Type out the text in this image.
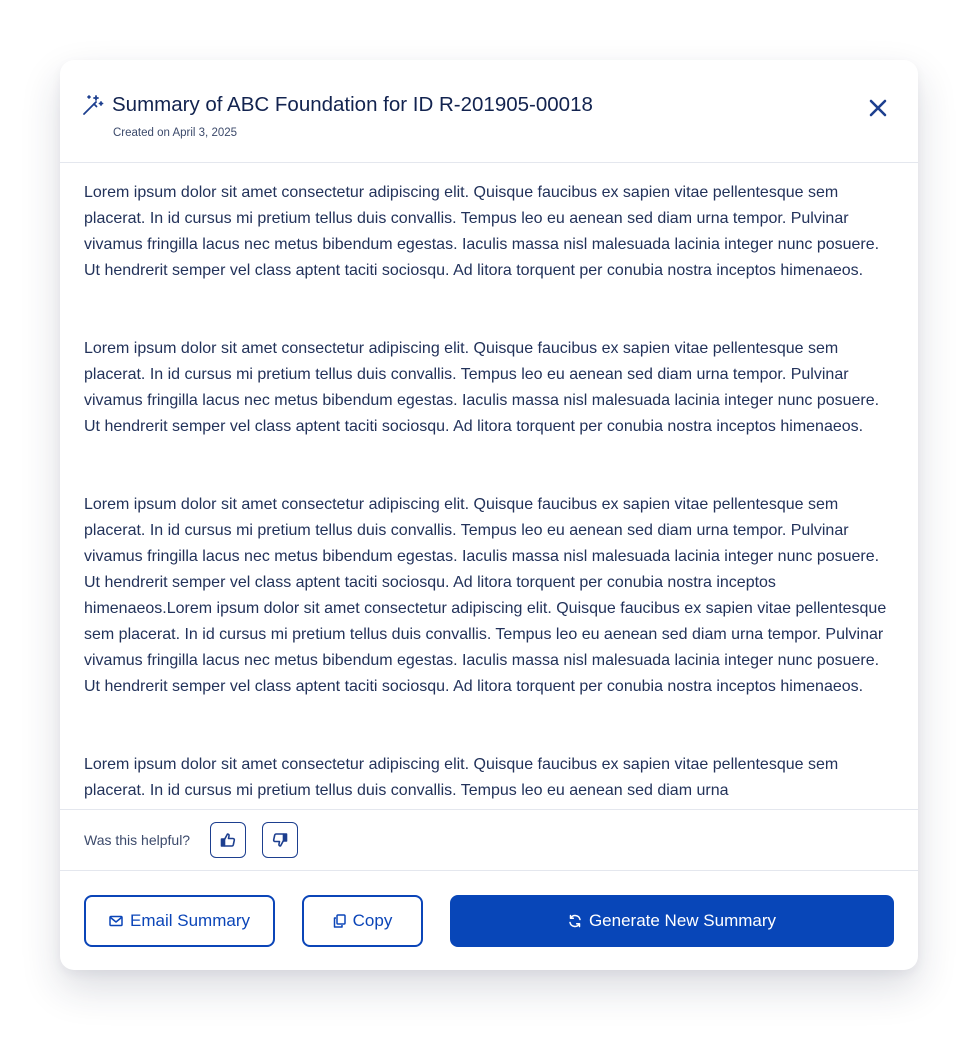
Summary of ABC Foundation for ID R-201905-00018
Created on April 3, 2025

Lorem ipsum dolor sit amet consectetur adipiscing elit. Quisque faucibus ex sapien vitae pellentesque sem placerat. In id cursus mi pretium tellus duis convallis. Tempus leo eu aenean sed diam urna tempor. Pulvinar vivamus fringilla lacus nec metus bibendum egestas. Iaculis massa nisl malesuada lacinia integer nunc posuere. Ut hendrerit semper vel class aptent taciti sociosqu. Ad litora torquent per conubia nostra inceptos himenaeos.

Lorem ipsum dolor sit amet consectetur adipiscing elit. Quisque faucibus ex sapien vitae pellentesque sem placerat. In id cursus mi pretium tellus duis convallis. Tempus leo eu aenean sed diam urna tempor. Pulvinar vivamus fringilla lacus nec metus bibendum egestas. Iaculis massa nisl malesuada lacinia integer nunc posuere. Ut hendrerit semper vel class aptent taciti sociosqu. Ad litora torquent per conubia nostra inceptos himenaeos.

Lorem ipsum dolor sit amet consectetur adipiscing elit. Quisque faucibus ex sapien vitae pellentesque sem placerat. In id cursus mi pretium tellus duis convallis. Tempus leo eu aenean sed diam urna tempor. Pulvinar vivamus fringilla lacus nec metus bibendum egestas. Iaculis massa nisl malesuada lacinia integer nunc posuere. Ut hendrerit semper vel class aptent taciti sociosqu. Ad litora torquent per conubia nostra inceptos himenaeos.Lorem ipsum dolor sit amet consectetur adipiscing elit. Quisque faucibus ex sapien vitae pellentesque sem placerat. In id cursus mi pretium tellus duis convallis. Tempus leo eu aenean sed diam urna tempor. Pulvinar vivamus fringilla lacus nec metus bibendum egestas. Iaculis massa nisl malesuada lacinia integer nunc posuere. Ut hendrerit semper vel class aptent taciti sociosqu. Ad litora torquent per conubia nostra inceptos himenaeos.

Lorem ipsum dolor sit amet consectetur adipiscing elit. Quisque faucibus ex sapien vitae pellentesque sem placerat. In id cursus mi pretium tellus duis convallis. Tempus leo eu aenean sed diam urna

Was this helpful?
Email Summary	Copy	Generate New Summary
